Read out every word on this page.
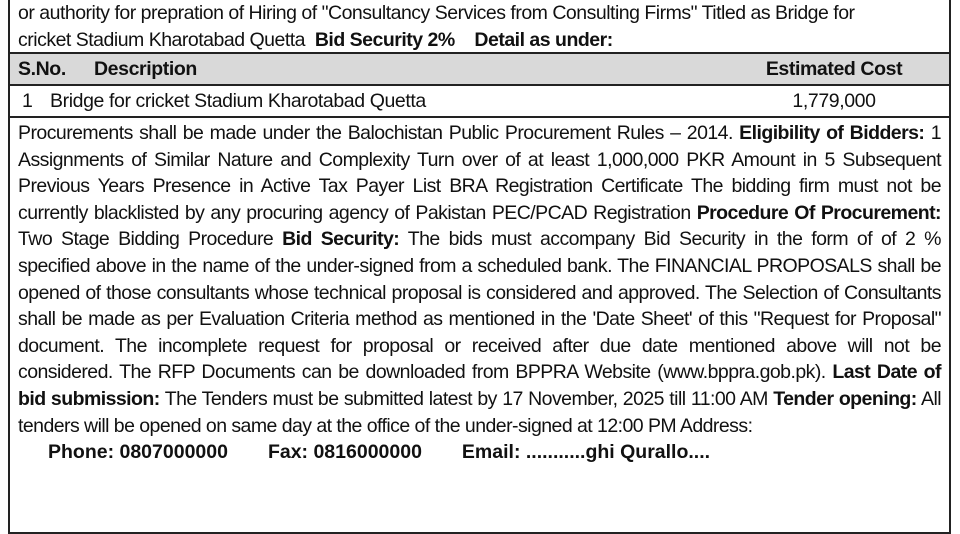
or authority for prepration of Hiring of "Consultancy Services from Consulting Firms" Titled as Bridge for
cricket Stadium Kharotabad Quetta Bid Security 2% Detail as under:
S.No.	Description	Estimated Cost
1 Bridge for cricket Stadium Kharotabad Quetta	1,779,000
Procurements shall be made under the Balochistan Public Procurement Rules – 2014. Eligibility of Bidders: 1 Assignments of Similar Nature and Complexity Turn over of at least 1,000,000 PKR Amount in 5 Subsequent Previous Years Presence in Active Tax Payer List BRA Registration Certificate The bidding firm must not be currently blacklisted by any procuring agency of Pakistan PEC/PCAD Registration Procedure Of Procurement: Two Stage Bidding Procedure Bid Security: The bids must accompany Bid Security in the form of of 2 % specified above in the name of the under-signed from a scheduled bank. The FINANCIAL PROPOSALS shall be opened of those consultants whose technical proposal is considered and approved. The Selection of Consultants shall be made as per Evaluation Criteria method as mentioned in the 'Date Sheet' of this "Request for Proposal" document. The incomplete request for proposal or received after due date mentioned above will not be considered. The RFP Documents can be downloaded from BPPRA Website (www.bppra.gob.pk). Last Date of bid submission: The Tenders must be submitted latest by 17 November, 2025 till 11:00 AM Tender opening: All tenders will be opened on same day at the office of the under-signed at 12:00 PM Address:
Phone: 0807000000 Fax: 0816000000 Email: ...........ghi Qurallo....
